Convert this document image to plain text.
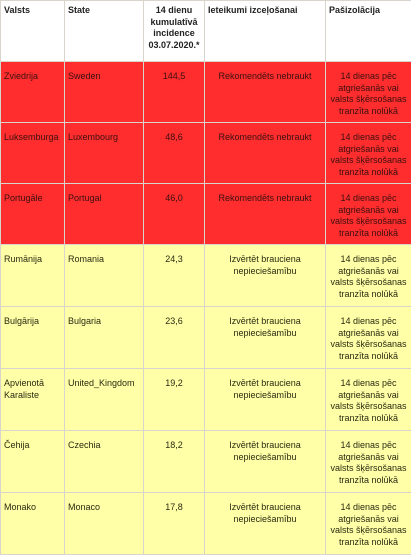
Valsts	State	14 dienu kumulatīvā incidence 03.07.2020.*	Ieteikumi izceļošanai	Pašizolācija
Zviedrija	Sweden	144,5	Rekomendēts nebraukt	14 dienas pēc atgriešanās vai valsts šķērsošanas tranzīta nolūkā
Luksemburga	Luxembourg	48,6	Rekomendēts nebraukt	14 dienas pēc atgriešanās vai valsts šķērsošanas tranzīta nolūkā
Portugāle	Portugal	46,0	Rekomendēts nebraukt	14 dienas pēc atgriešanās vai valsts šķērsošanas tranzīta nolūkā
Rumānija	Romania	24,3	Izvērtēt brauciena nepieciešamību	14 dienas pēc atgriešanās vai valsts šķērsošanas tranzīta nolūkā
Bulgārija	Bulgaria	23,6	Izvērtēt brauciena nepieciešamību	14 dienas pēc atgriešanās vai valsts šķērsošanas tranzīta nolūkā
Apvienotā Karaliste	United_Kingdom	19,2	Izvērtēt brauciena nepieciešamību	14 dienas pēc atgriešanās vai valsts šķērsošanas tranzīta nolūkā
Čehija	Czechia	18,2	Izvērtēt brauciena nepieciešamību	14 dienas pēc atgriešanās vai valsts šķērsošanas tranzīta nolūkā
Monako	Monaco	17,8	Izvērtēt brauciena nepieciešamību	14 dienas pēc atgriešanās vai valsts šķērsošanas tranzīta nolūkā
